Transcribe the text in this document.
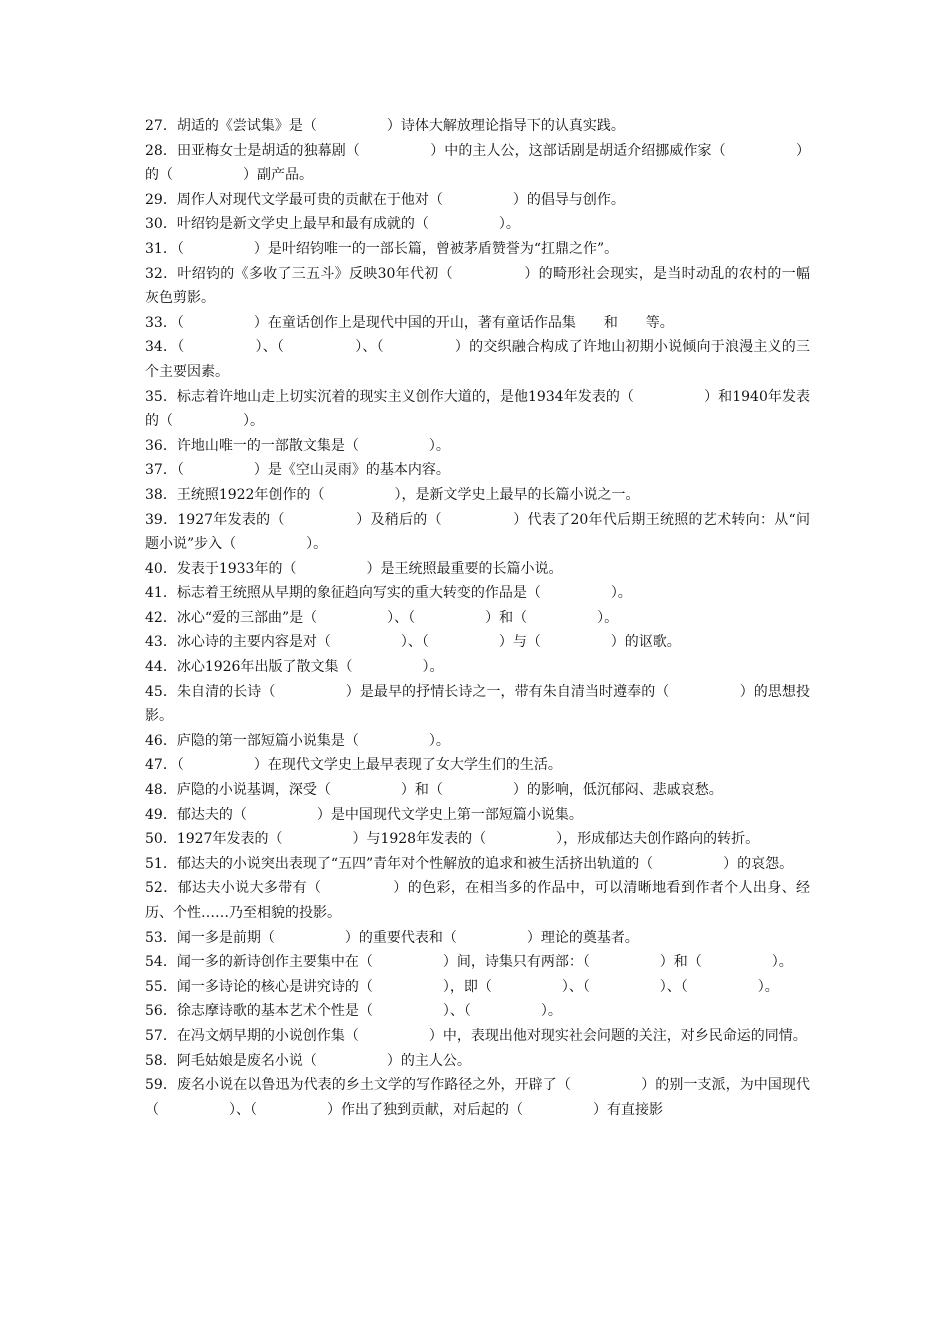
27．胡适的《尝试集》是（　　　　　）诗体大解放理论指导下的认真实践。
28．田亚梅女士是胡适的独幕剧（　　　　　）中的主人公，这部话剧是胡适介绍挪威作家（　　　　　）的（　　　　　）副产品。
29．周作人对现代文学最可贵的贡献在于他对（　　　　　）的倡导与创作。
30．叶绍钧是新文学史上最早和最有成就的（　　　　　）。
31．（　　　　　）是叶绍钧唯一的一部长篇，曾被茅盾赞誉为“扛鼎之作”。
32．叶绍钧的《多收了三五斗》反映30年代初（　　　　　）的畸形社会现实，是当时动乱的农村的一幅灰色剪影。
33．（　　　　　）在童话创作上是现代中国的开山，著有童话作品集　　和　　等。
34．（　　　　　）、（　　　　　）、（　　　　　）的交织融合构成了许地山初期小说倾向于浪漫主义的三个主要因素。
35．标志着许地山走上切实沉着的现实主义创作大道的，是他1934年发表的（　　　　　）和1940年发表的（　　　　　）。
36．许地山唯一的一部散文集是（　　　　　）。
37．（　　　　　）是《空山灵雨》的基本内容。
38．王统照1922年创作的（　　　　　），是新文学史上最早的长篇小说之一。
39．1927年发表的（　　　　　）及稍后的（　　　　　）代表了20年代后期王统照的艺术转向：从“问题小说”步入（　　　　　）。
40．发表于1933年的（　　　　　）是王统照最重要的长篇小说。
41．标志着王统照从早期的象征趋向写实的重大转变的作品是（　　　　　）。
42．冰心“爱的三部曲”是（　　　　　）、（　　　　　）和（　　　　　）。
43．冰心诗的主要内容是对（　　　　　）、（　　　　　）与（　　　　　）的讴歌。
44．冰心1926年出版了散文集（　　　　　）。
45．朱自清的长诗（　　　　　）是最早的抒情长诗之一，带有朱自清当时遵奉的（　　　　　）的思想投影。
46．庐隐的第一部短篇小说集是（　　　　　）。
47．（　　　　　）在现代文学史上最早表现了女大学生们的生活。
48．庐隐的小说基调，深受（　　　　　）和（　　　　　）的影响，低沉郁闷、悲戚哀愁。
49．郁达夫的（　　　　　）是中国现代文学史上第一部短篇小说集。
50．1927年发表的（　　　　　）与1928年发表的（　　　　　），形成郁达夫创作路向的转折。
51．郁达夫的小说突出表现了“五四”青年对个性解放的追求和被生活挤出轨道的（　　　　　）的哀怨。
52．郁达夫小说大多带有（　　　　　）的色彩，在相当多的作品中，可以清晰地看到作者个人出身、经历、个性……乃至相貌的投影。
53．闻一多是前期（　　　　　）的重要代表和（　　　　　）理论的奠基者。
54．闻一多的新诗创作主要集中在（　　　　　）间，诗集只有两部：（　　　　　）和（　　　　　）。
55．闻一多诗论的核心是讲究诗的（　　　　　），即（　　　　　）、（　　　　　）、（　　　　　）。
56．徐志摩诗歌的基本艺术个性是（　　　　　）、（　　　　　）。
57．在冯文炳早期的小说创作集（　　　　　）中，表现出他对现实社会问题的关注，对乡民命运的同情。
58．阿毛姑娘是废名小说（　　　　　）的主人公。
59．废名小说在以鲁迅为代表的乡土文学的写作路径之外，开辟了（　　　　　）的别一支派，为中国现代（　　　　　）、（　　　　　）作出了独到贡献，对后起的（　　　　　）有直接影
